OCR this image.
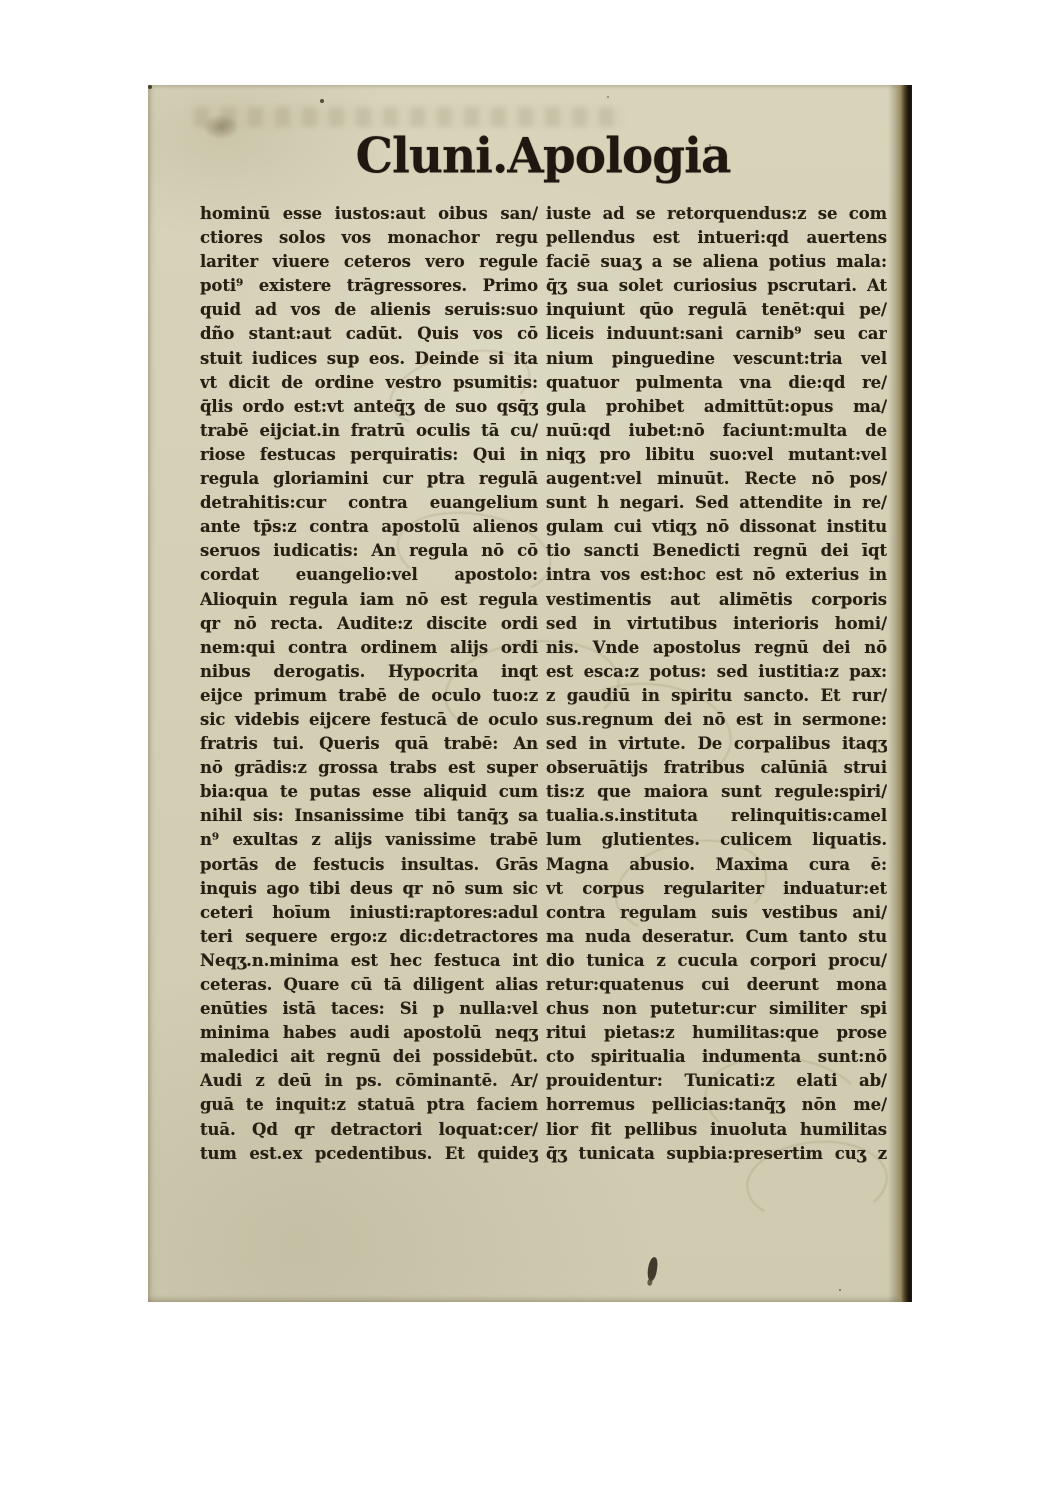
Cluni.Apologia
hominū esse iustos:aut oibus san/
ctiores solos vos monachor regu
lariter viuere ceteros vero regule
poti⁹ existere trāgressores. Primo
quid ad vos de alienis seruis:suo
dño stant:aut cadūt. Quis vos cō
stuit iudices sup eos. Deinde si ita
vt dicit de ordine vestro psumitis:
q̄lis ordo est:vt anteq̄ʒ de suo qsq̄ʒ
trabē eijciat.in fratrū oculis tā cu/
riose festucas perquiratis: Qui in
regula gloriamini cur ptra regulā
detrahitis:cur contra euangelium
ante tp̄s:z contra apostolū alienos
seruos iudicatis: An regula nō cō
cordat euangelio:vel apostolo:
Alioquin regula iam nō est regula
qr nō recta. Audite:z discite ordi
nem:qui contra ordinem alijs ordi
nibus derogatis. Hypocrita inqt
eijce primum trabē de oculo tuo:z
sic videbis eijcere festucā de oculo
fratris tui. Queris quā trabē: An
nō grādis:z grossa trabs est super
bia:qua te putas esse aliquid cum
nihil sis: Insanissime tibi tanq̄ʒ sa
n⁹ exultas z alijs vanissime trabē
portās de festucis insultas. Grās
inquis ago tibi deus qr nō sum sic
ceteri hoīum iniusti:raptores:adul
teri sequere ergo:z dic:detractores
Neqʒ.n.minima est hec festuca int
ceteras. Quare cū tā diligent alias
enūties istā taces: Si p nulla:vel
minima habes audi apostolū neqʒ
maledici ait regnū dei possidebūt.
Audi z deū in ps. cōminantē. Ar/
guā te inquit:z statuā ptra faciem
tuā. Qd qr detractori loquat:cer/
tum est.ex pcedentibus. Et quideʒ
iuste ad se retorquendus:z se com
pellendus est intueri:qd auertens
faciē suaʒ a se aliena potius mala:
q̄ʒ sua solet curiosius pscrutari. At
inquiunt qūo regulā tenēt:qui pe/
liceis induunt:sani carnib⁹ seu car
nium pinguedine vescunt:tria vel
quatuor pulmenta vna die:qd re/
gula prohibet admittūt:opus ma/
nuū:qd iubet:nō faciunt:multa de
niqʒ pro libitu suo:vel mutant:vel
augent:vel minuūt. Recte nō pos/
sunt h negari. Sed attendite in re/
gulam cui vtiqʒ nō dissonat institu
tio sancti Benedicti regnū dei īqt
intra vos est:hoc est nō exterius in
vestimentis aut alimētis corporis
sed in virtutibus interioris homi/
nis. Vnde apostolus regnū dei nō
est esca:z potus: sed iustitia:z pax:
z gaudiū in spiritu sancto. Et rur/
sus.regnum dei nō est in sermone:
sed in virtute. De corpalibus itaqʒ
obseruātijs fratribus calūniā strui
tis:z que maiora sunt regule:spiri/
tualia.s.instituta relinquitis:camel
lum glutientes. culicem liquatis.
Magna abusio. Maxima cura ē:
vt corpus regulariter induatur:et
contra regulam suis vestibus ani/
ma nuda deseratur. Cum tanto stu
dio tunica z cucula corpori procu/
retur:quatenus cui deerunt mona
chus non putetur:cur similiter spi
ritui pietas:z humilitas:que prose
cto spiritualia indumenta sunt:nō
prouidentur: Tunicati:z elati ab/
horremus pellicias:tanq̄ʒ nōn me/
lior fit pellibus inuoluta humilitas
q̄ʒ tunicata supbia:presertim cuʒ z
